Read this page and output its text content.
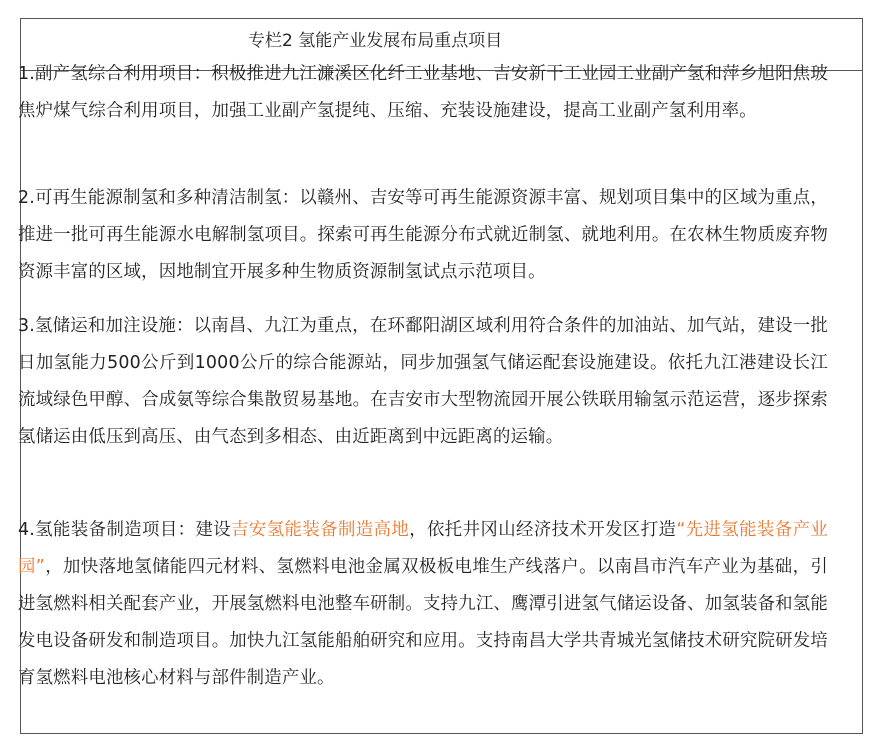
专栏2 氢能产业发展布局重点项目
1.副产氢综合利用项目：积极推进九江濂溪区化纤工业基地、吉安新干工业园工业副产氢和萍乡旭阳焦玻焦炉煤气综合利用项目，加强工业副产氢提纯、压缩、充装设施建设，提高工业副产氢利用率。
2.可再生能源制氢和多种清洁制氢：以赣州、吉安等可再生能源资源丰富、规划项目集中的区域为重点，推进一批可再生能源水电解制氢项目。探索可再生能源分布式就近制氢、就地利用。在农林生物质废弃物资源丰富的区域，因地制宜开展多种生物质资源制氢试点示范项目。
3.氢储运和加注设施：以南昌、九江为重点，在环鄱阳湖区域利用符合条件的加油站、加气站，建设一批日加氢能力500公斤到1000公斤的综合能源站，同步加强氢气储运配套设施建设。依托九江港建设长江流域绿色甲醇、合成氨等综合集散贸易基地。在吉安市大型物流园开展公铁联用输氢示范运营，逐步探索氢储运由低压到高压、由气态到多相态、由近距离到中远距离的运输。
4.氢能装备制造项目：建设吉安氢能装备制造高地，依托井冈山经济技术开发区打造“先进氢能装备产业园”，加快落地氢储能四元材料、氢燃料电池金属双极板电堆生产线落户。以南昌市汽车产业为基础，引进氢燃料相关配套产业，开展氢燃料电池整车研制。支持九江、鹰潭引进氢气储运设备、加氢装备和氢能发电设备研发和制造项目。加快九江氢能船舶研究和应用。支持南昌大学共青城光氢储技术研究院研发培育氢燃料电池核心材料与部件制造产业。
